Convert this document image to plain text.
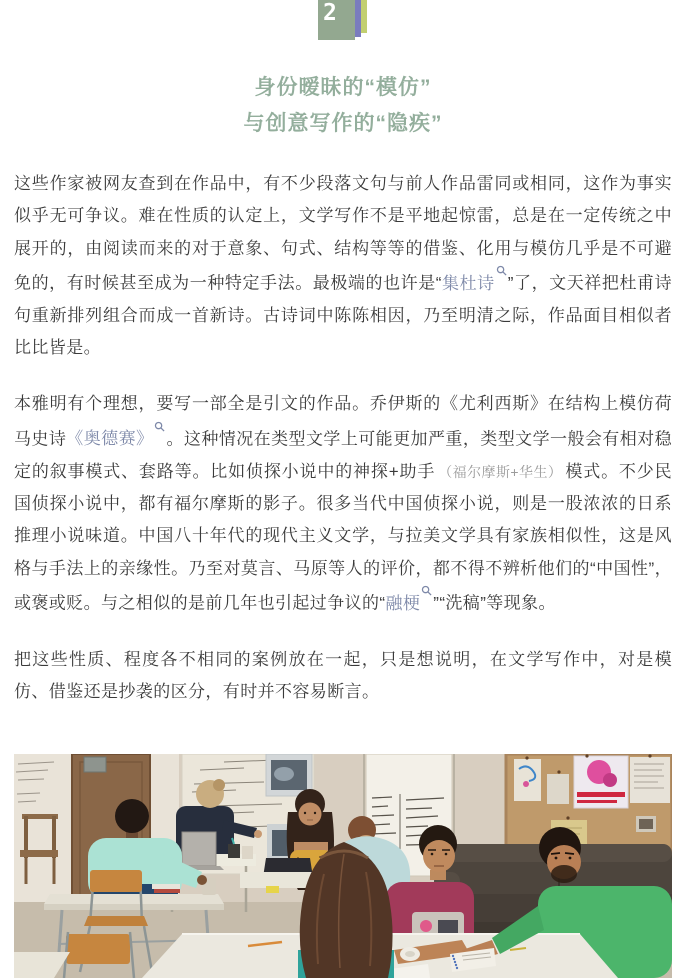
2
身份暧昧的“模仿”
与创意写作的“隐疾”

这些作家被网友查到在作品中，有不少段落文句与前人作品雷同或相同，这作为事实似乎无可争议。难在性质的认定上，文学写作不是平地起惊雷，总是在一定传统之中展开的，由阅读而来的对于意象、句式、结构等等的借鉴、化用与模仿几乎是不可避免的，有时候甚至成为一种特定手法。最极端的也许是“集杜诗 ”了，文天祥把杜甫诗句重新排列组合而成一首新诗。古诗词中陈陈相因，乃至明清之际，作品面目相似者比比皆是。

本雅明有个理想，要写一部全是引文的作品。乔伊斯的《尤利西斯》在结构上模仿荷马史诗《奥德赛》 。这种情况在类型文学上可能更加严重，类型文学一般会有相对稳定的叙事模式、套路等。比如侦探小说中的神探+助手 （福尔摩斯+华生） 模式。不少民国侦探小说中，都有福尔摩斯的影子。很多当代中国侦探小说，则是一股浓浓的日系推理小说味道。中国八十年代的现代主义文学，与拉美文学具有家族相似性，这是风格与手法上的亲缘性。乃至对莫言、马原等人的评价，都不得不辨析他们的“中国性”，或褒或贬。与之相似的是前几年也引起过争议的“融梗 ”“洗稿”等现象。

把这些性质、程度各不相同的案例放在一起，只是想说明，在文学写作中，对是模仿、借鉴还是抄袭的区分，有时并不容易断言。
